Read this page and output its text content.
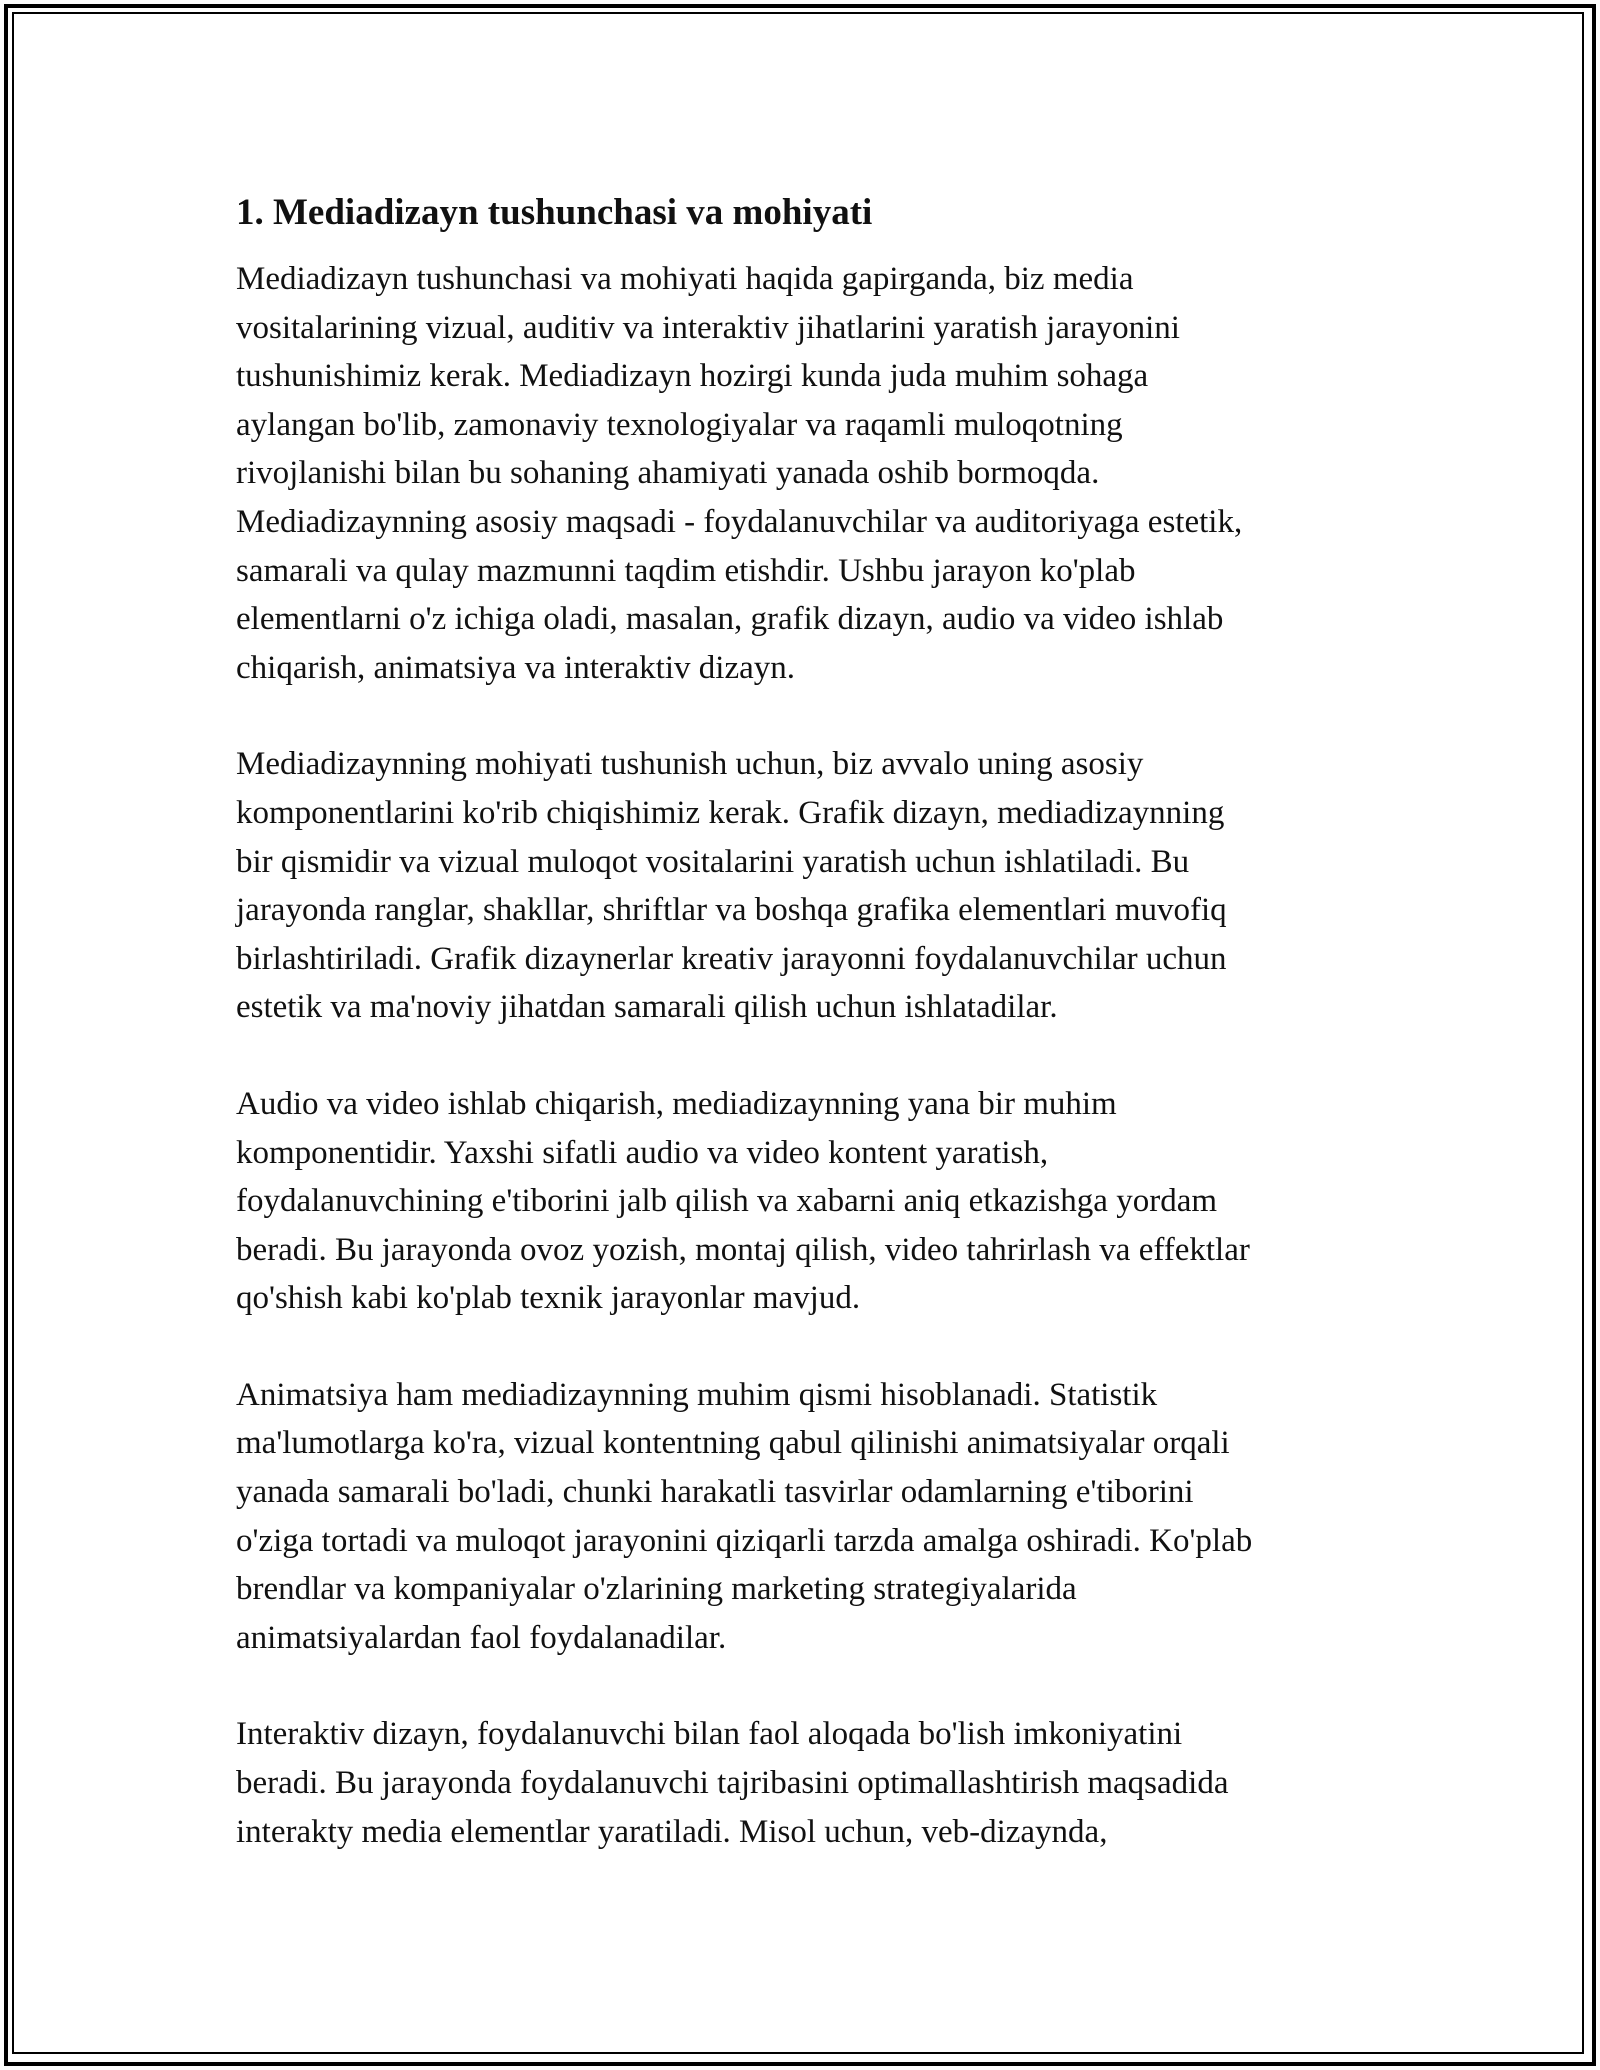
1. Mediadizayn tushunchasi va mohiyati

Mediadizayn tushunchasi va mohiyati haqida gapirganda, biz media
vositalarining vizual, auditiv va interaktiv jihatlarini yaratish jarayonini
tushunishimiz kerak. Mediadizayn hozirgi kunda juda muhim sohaga
aylangan bo'lib, zamonaviy texnologiyalar va raqamli muloqotning
rivojlanishi bilan bu sohaning ahamiyati yanada oshib bormoqda.
Mediadizaynning asosiy maqsadi - foydalanuvchilar va auditoriyaga estetik,
samarali va qulay mazmunni taqdim etishdir. Ushbu jarayon ko'plab
elementlarni o'z ichiga oladi, masalan, grafik dizayn, audio va video ishlab
chiqarish, animatsiya va interaktiv dizayn.

Mediadizaynning mohiyati tushunish uchun, biz avvalo uning asosiy
komponentlarini ko'rib chiqishimiz kerak. Grafik dizayn, mediadizaynning
bir qismidir va vizual muloqot vositalarini yaratish uchun ishlatiladi. Bu
jarayonda ranglar, shakllar, shriftlar va boshqa grafika elementlari muvofiq
birlashtiriladi. Grafik dizaynerlar kreativ jarayonni foydalanuvchilar uchun
estetik va ma'noviy jihatdan samarali qilish uchun ishlatadilar.

Audio va video ishlab chiqarish, mediadizaynning yana bir muhim
komponentidir. Yaxshi sifatli audio va video kontent yaratish,
foydalanuvchining e'tiborini jalb qilish va xabarni aniq etkazishga yordam
beradi. Bu jarayonda ovoz yozish, montaj qilish, video tahrirlash va effektlar
qo'shish kabi ko'plab texnik jarayonlar mavjud.

Animatsiya ham mediadizaynning muhim qismi hisoblanadi. Statistik
ma'lumotlarga ko'ra, vizual kontentning qabul qilinishi animatsiyalar orqali
yanada samarali bo'ladi, chunki harakatli tasvirlar odamlarning e'tiborini
o'ziga tortadi va muloqot jarayonini qiziqarli tarzda amalga oshiradi. Ko'plab
brendlar va kompaniyalar o'zlarining marketing strategiyalarida
animatsiyalardan faol foydalanadilar.

Interaktiv dizayn, foydalanuvchi bilan faol aloqada bo'lish imkoniyatini
beradi. Bu jarayonda foydalanuvchi tajribasini optimallashtirish maqsadida
interakty media elementlar yaratiladi. Misol uchun, veb-dizaynda,
